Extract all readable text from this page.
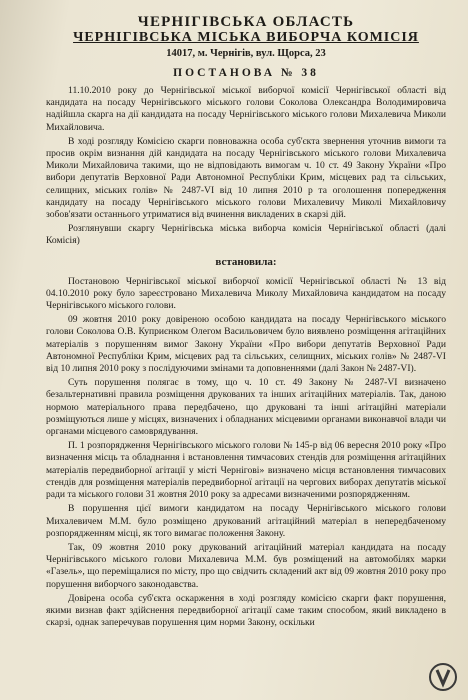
ЧЕРНІГІВСЬКА ОБЛАСТЬ
ЧЕРНІГІВСЬКА МІСЬКА ВИБОРЧА КОМІСІЯ
14017, м. Чернігів, вул. Щорса, 23
ПОСТАНОВА № 38

11.10.2010 року до Чернігівської міської виборчої комісії Чернігівської області від кандидата на посаду Чернігівського міського голови Соколова Олександра Володимировича надійшла скарга на дії кандидата на посаду Чернігівського міського голови Михалевича Миколи Михайловича.

В ході розгляду Комісією скарги повноважна особа суб'єкта звернення уточнив вимоги та просив окрім визнання дій кандидата на посаду Чернігівського міського голови Михалевича Миколи Михайловича такими, що не відповідають вимогам ч. 10 ст. 49 Закону України «Про вибори депутатів Верховної Ради Автономної Республіки Крим, місцевих рад та сільських, селищних, міських голів» № 2487-VI від 10 липня 2010 р та оголошення попередження кандидату на посаду Чернігівського міського голови Михалевичу Миколі Михайловичу зобов'язати останнього утриматися від вчинення викладених в скарзі дій.

Розглянувши скаргу Чернігівська міська виборча комісія Чернігівської області (далі Комісія)

встановила:

Постановою Чернігівської міської виборчої комісії Чернігівської області № 13 від 04.10.2010 року було зареєстровано Михалевича Миколу Михайловича кандидатом на посаду Чернігівського міського голови.

09 жовтня 2010 року довіреною особою кандидата на посаду Чернігівського міського голови Соколова О.В. Куприєнком Олегом Васильовичем було виявлено розміщення агітаційних матеріалів з порушенням вимог Закону України «Про вибори депутатів Верховної Ради Автономної Республіки Крим, місцевих рад та сільських, селищних, міських голів» № 2487-VI від 10 липня 2010 року з послідуючими змінами та доповненнями (далі Закон № 2487-VI).

Суть порушення полягає в тому, що ч. 10 ст. 49 Закону № 2487-VI визначено безальтернативні правила розміщення друкованих та інших агітаційних матеріалів. Так, даною нормою матеріального права передбачено, що друковані та інші агітаційні матеріали розміщуються лише у місцях, визначених і обладнаних місцевими органами виконавчої влади чи органами місцевого самоврядування.

П. 1 розпорядження Чернігівського міського голови № 145-р від 06 вересня 2010 року «Про визначення місць та обладнання і встановлення тимчасових стендів для розміщення агітаційних матеріалів передвиборної агітації у місті Чернігові» визначено місця встановлення тимчасових стендів для розміщення матеріалів передвиборної агітації на чергових виборах депутатів міської ради та міського голови 31 жовтня 2010 року за адресами визначеними розпорядженням.

В порушення цієї вимоги кандидатом на посаду Чернігівського міського голови Михалевичем М.М. було розміщено друкований агітаційний матеріал в непередбаченому розпорядженням місці, як того вимагає положення Закону.

Так, 09 жовтня 2010 року друкований агітаційний матеріал кандидата на посаду Чернігівського міського голови Михалевича М.М. був розміщений на автомобілях марки «Газель», що переміщалися по місту, про що свідчить складений акт від 09 жовтня 2010 року про порушення виборчого законодавства.

Довірена особа суб'єкта оскарження в ході розгляду комісією скарги факт порушення, якими визнав факт здійснення передвиборної агітації саме таким способом, який викладено в скарзі, однак заперечував порушення цим норми Закону, оскільки
